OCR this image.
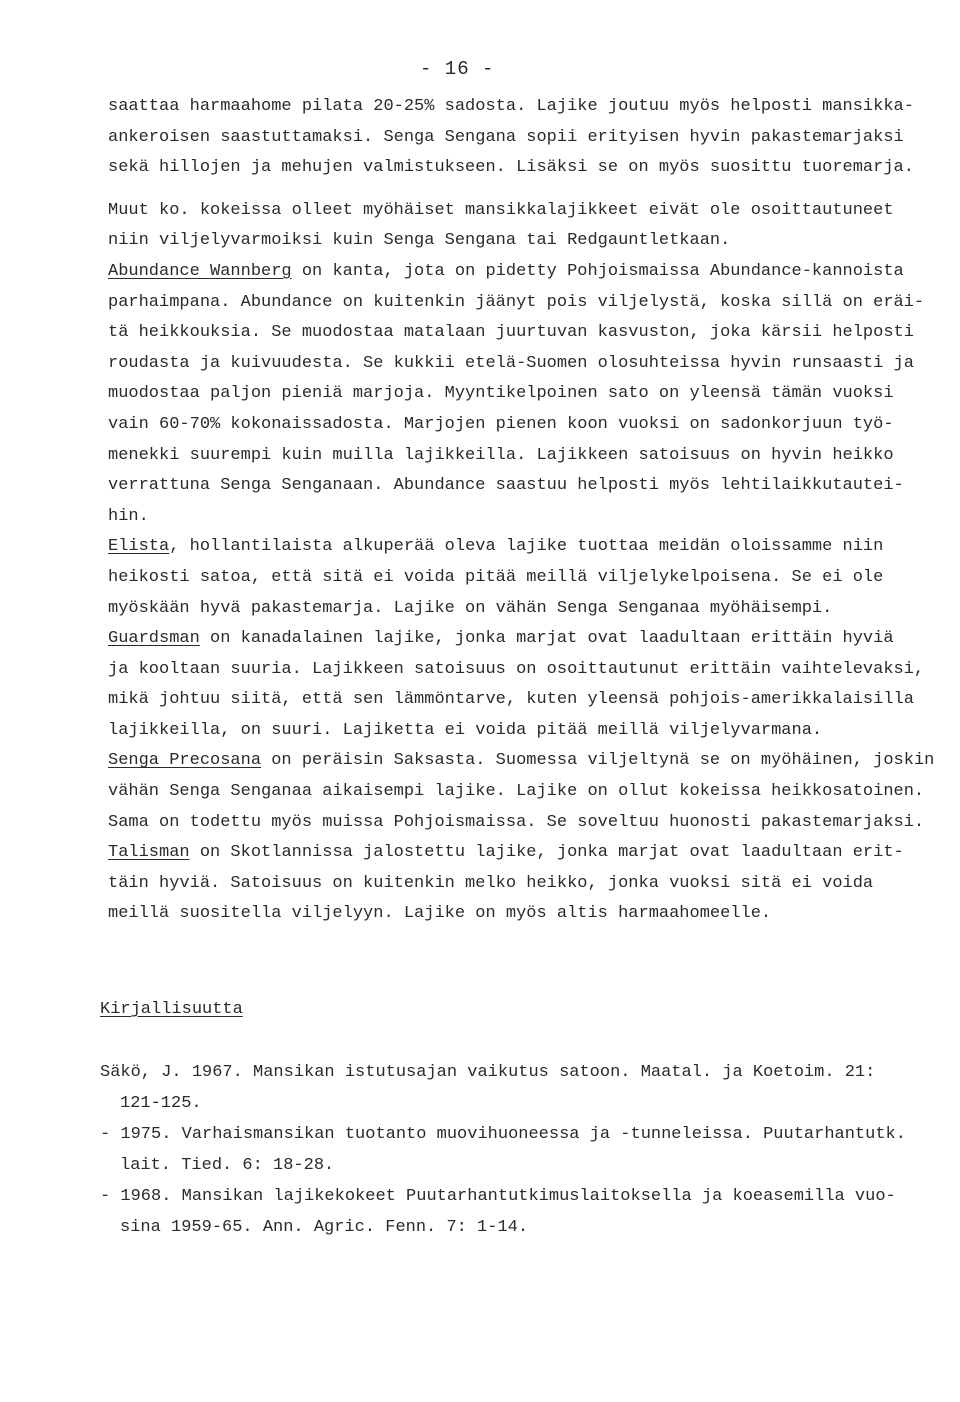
- 16 -
saattaa harmaahome pilata 20-25% sadosta. Lajike joutuu myös helposti mansikka-
ankeroisen saastuttamaksi. Senga Sengana sopii erityisen hyvin pakastemarjaksi
sekä hillojen ja mehujen valmistukseen. Lisäksi se on myös suosittu tuoremarja.
Muut ko. kokeissa olleet myöhäiset mansikkalajikkeet eivät ole osoittautuneet
niin viljelyvarmoiksi kuin Senga Sengana tai Redgauntletkaan.
Abundance Wannberg on kanta, jota on pidetty Pohjoismaissa Abundance-kannoista
parhaimpana. Abundance on kuitenkin jäänyt pois viljelystä, koska sillä on eräi-
tä heikkouksia. Se muodostaa matalaan juurtuvan kasvuston, joka kärsii helposti
roudasta ja kuivuudesta. Se kukkii etelä-Suomen olosuhteissa hyvin runsaasti ja
muodostaa paljon pieniä marjoja. Myyntikelpoinen sato on yleensä tämän vuoksi
vain 60-70% kokonaissadosta. Marjojen pienen koon vuoksi on sadonkorjuun työ-
menekki suurempi kuin muilla lajikkeilla. Lajikkeen satoisuus on hyvin heikko
verrattuna Senga Senganaan. Abundance saastuu helposti myös lehtilaikkutautei-
hin.
Elista, hollantilaista alkuperää oleva lajike tuottaa meidän oloissamme niin
heikosti satoa, että sitä ei voida pitää meillä viljelykelpoisena. Se ei ole
myöskään hyvä pakastemarja. Lajike on vähän Senga Senganaa myöhäisempi.
Guardsman on kanadalainen lajike, jonka marjat ovat laadultaan erittäin hyviä
ja kooltaan suuria. Lajikkeen satoisuus on osoittautunut erittäin vaihtelevaksi,
mikä johtuu siitä, että sen lämmöntarve, kuten yleensä pohjois-amerikkalaisilla
lajikkeilla, on suuri. Lajiketta ei voida pitää meillä viljelyvarmana.
Senga Precosana on peräisin Saksasta. Suomessa viljeltynä se on myöhäinen, joskin
vähän Senga Senganaa aikaisempi lajike. Lajike on ollut kokeissa heikkosatoinen.
Sama on todettu myös muissa Pohjoismaissa. Se soveltuu huonosti pakastemarjaksi.
Talisman on Skotlannissa jalostettu lajike, jonka marjat ovat laadultaan erit-
täin hyviä. Satoisuus on kuitenkin melko heikko, jonka vuoksi sitä ei voida
meillä suositella viljelyyn. Lajike on myös altis harmaahomeelle.
Kirjallisuutta
Säkö, J. 1967. Mansikan istutusajan vaikutus satoon. Maatal. ja Koetoim. 21:
121-125.
- 1975. Varhaismansikan tuotanto muovihuoneessa ja -tunneleissa. Puutarhantutk.
lait. Tied. 6: 18-28.
- 1968. Mansikan lajikekokeet Puutarhantutkimuslaitoksella ja koeasemilla vuo-
sina 1959-65. Ann. Agric. Fenn. 7: 1-14.
